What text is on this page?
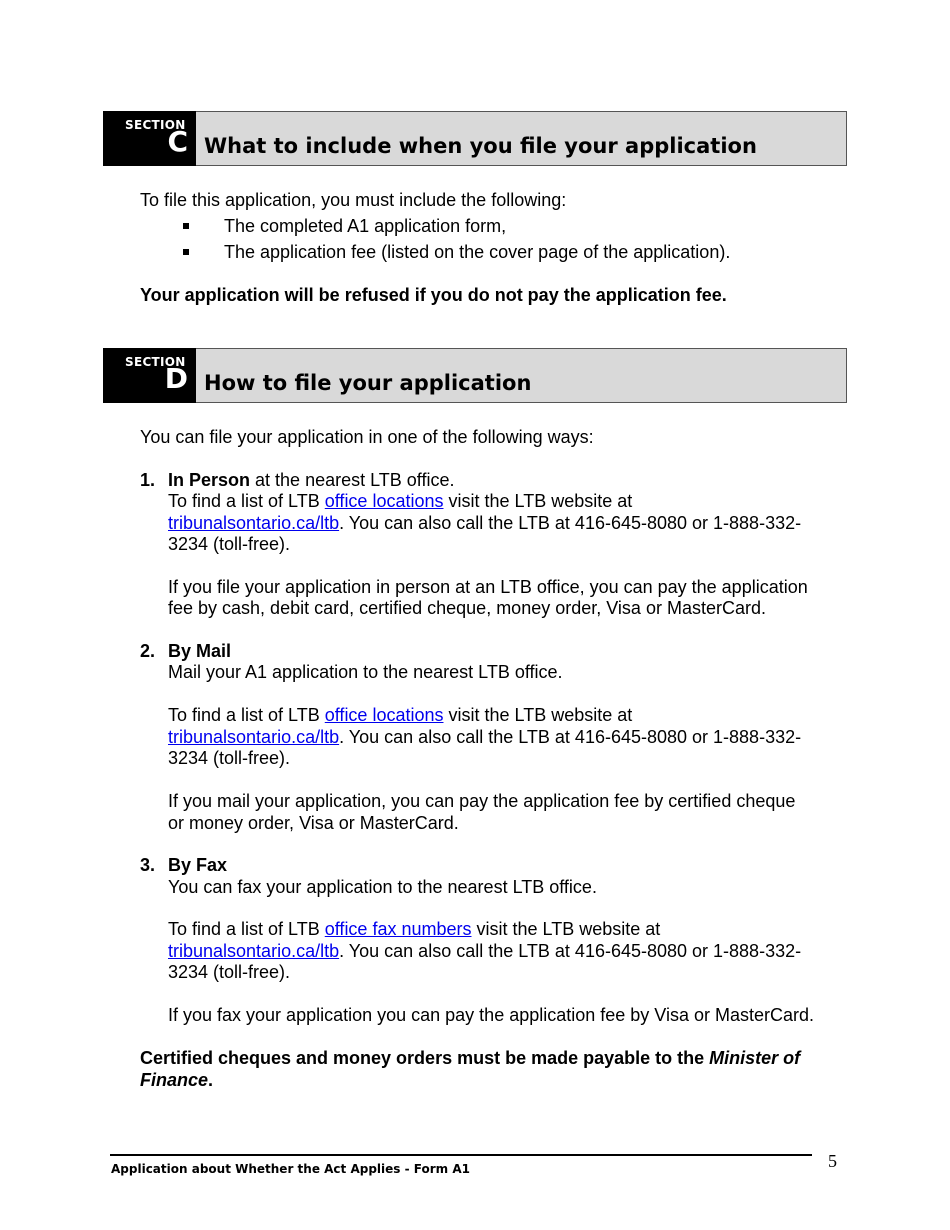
SECTION
C What to include when you file your application
To file this application, you must include the following:
The completed A1 application form,
The application fee (listed on the cover page of the application).
Your application will be refused if you do not pay the application fee.
SECTION
D How to file your application
You can file your application in one of the following ways:
1. In Person at the nearest LTB office.
To find a list of LTB office locations visit the LTB website at
tribunalsontario.ca/ltb. You can also call the LTB at 416-645-8080 or 1-888-332-
3234 (toll-free).
If you file your application in person at an LTB office, you can pay the application
fee by cash, debit card, certified cheque, money order, Visa or MasterCard.
2. By Mail
Mail your A1 application to the nearest LTB office.
To find a list of LTB office locations visit the LTB website at
tribunalsontario.ca/ltb. You can also call the LTB at 416-645-8080 or 1-888-332-
3234 (toll-free).
If you mail your application, you can pay the application fee by certified cheque
or money order, Visa or MasterCard.
3. By Fax
You can fax your application to the nearest LTB office.
To find a list of LTB office fax numbers visit the LTB website at
tribunalsontario.ca/ltb. You can also call the LTB at 416-645-8080 or 1-888-332-
3234 (toll-free).
If you fax your application you can pay the application fee by Visa or MasterCard.
Certified cheques and money orders must be made payable to the Minister of
Finance.
Application about Whether the Act Applies - Form A1	5
